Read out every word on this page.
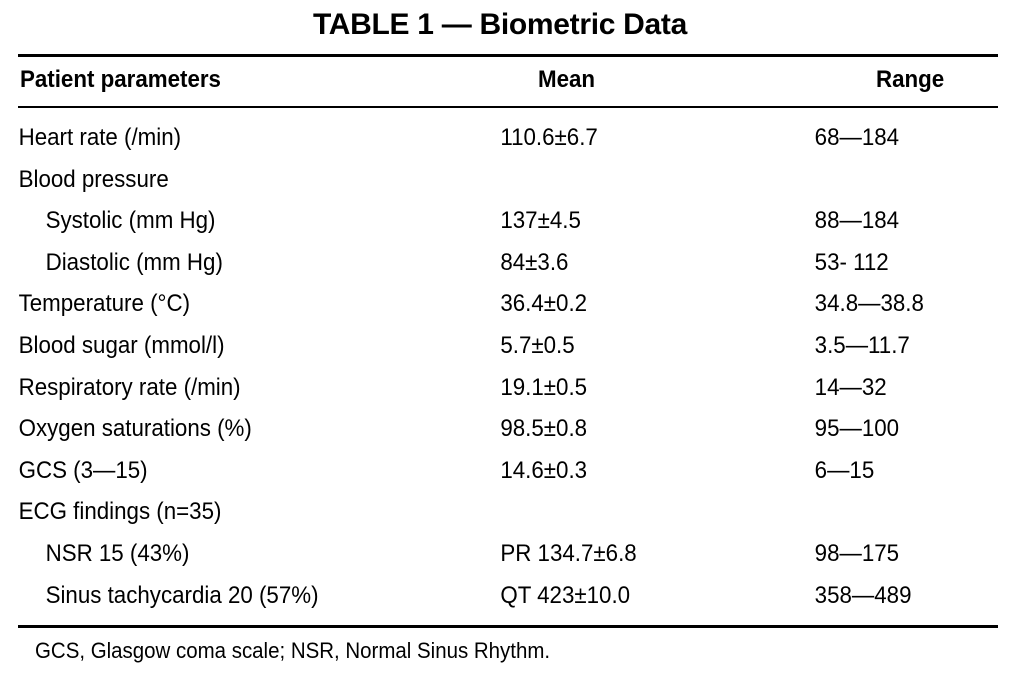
TABLE 1 — Biometric Data
Patient parameters	Mean	Range
Heart rate (/min)	110.6±6.7	68—184
Blood pressure
Systolic (mm Hg)	137±4.5	88—184
Diastolic (mm Hg)	84±3.6	53- 112
Temperature (°C)	36.4±0.2	34.8—38.8
Blood sugar (mmol/l)	5.7±0.5	3.5—11.7
Respiratory rate (/min)	19.1±0.5	14—32
Oxygen saturations (%)	98.5±0.8	95—100
GCS (3—15)	14.6±0.3	6—15
ECG findings (n=35)
NSR 15 (43%)	PR 134.7±6.8	98—175
Sinus tachycardia 20 (57%)	QT 423±10.0	358—489
GCS, Glasgow coma scale; NSR, Normal Sinus Rhythm.
